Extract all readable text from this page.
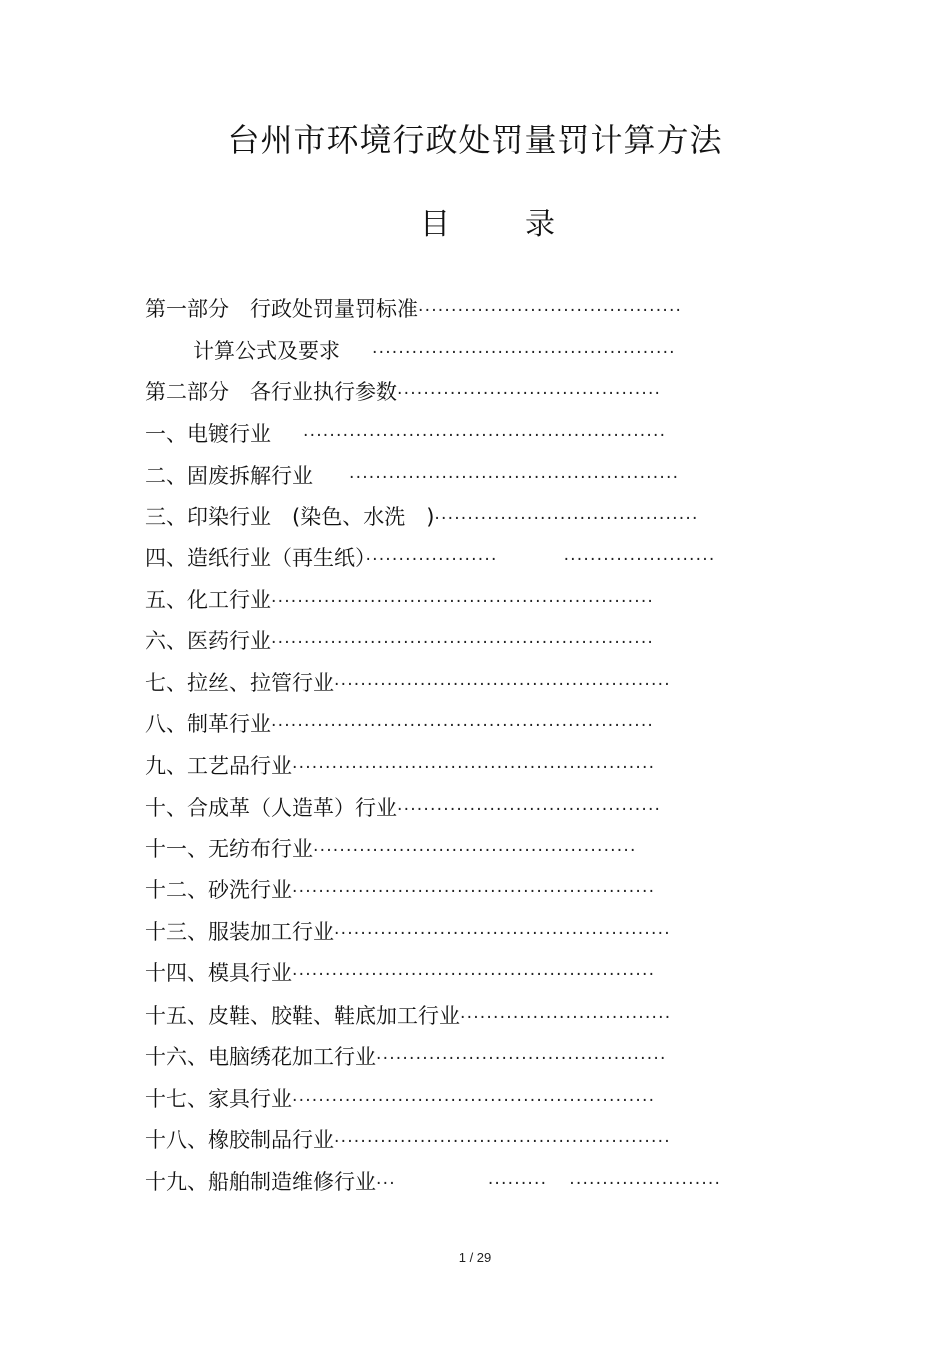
台州市环境行政处罚量罚计算方法
目	录
第一部分　行政处罚量罚标准········································
计算公式及要求 ··············································
第二部分　各行业执行参数········································
一、电镀行业 ·······················································
二、固废拆解行业 ··················································
三、印染行业　(染色、水洗　)········································
四、造纸行业（再生纸）····················	·······················
五、化工行业··························································
六、医药行业··························································
七、拉丝、拉管行业···················································
八、制革行业··························································
九、工艺品行业·······················································
十、合成革（人造革）行业········································
十一、无纺布行业·················································
十二、砂洗行业·······················································
十三、服装加工行业···················································
十四、模具行业·······················································
十五、皮鞋、胶鞋、鞋底加工行业································
十六、电脑绣花加工行业············································
十七、家具行业·······················································
十八、橡胶制品行业···················································
十九、船舶制造维修行业···	········· ·······················
1 / 29
